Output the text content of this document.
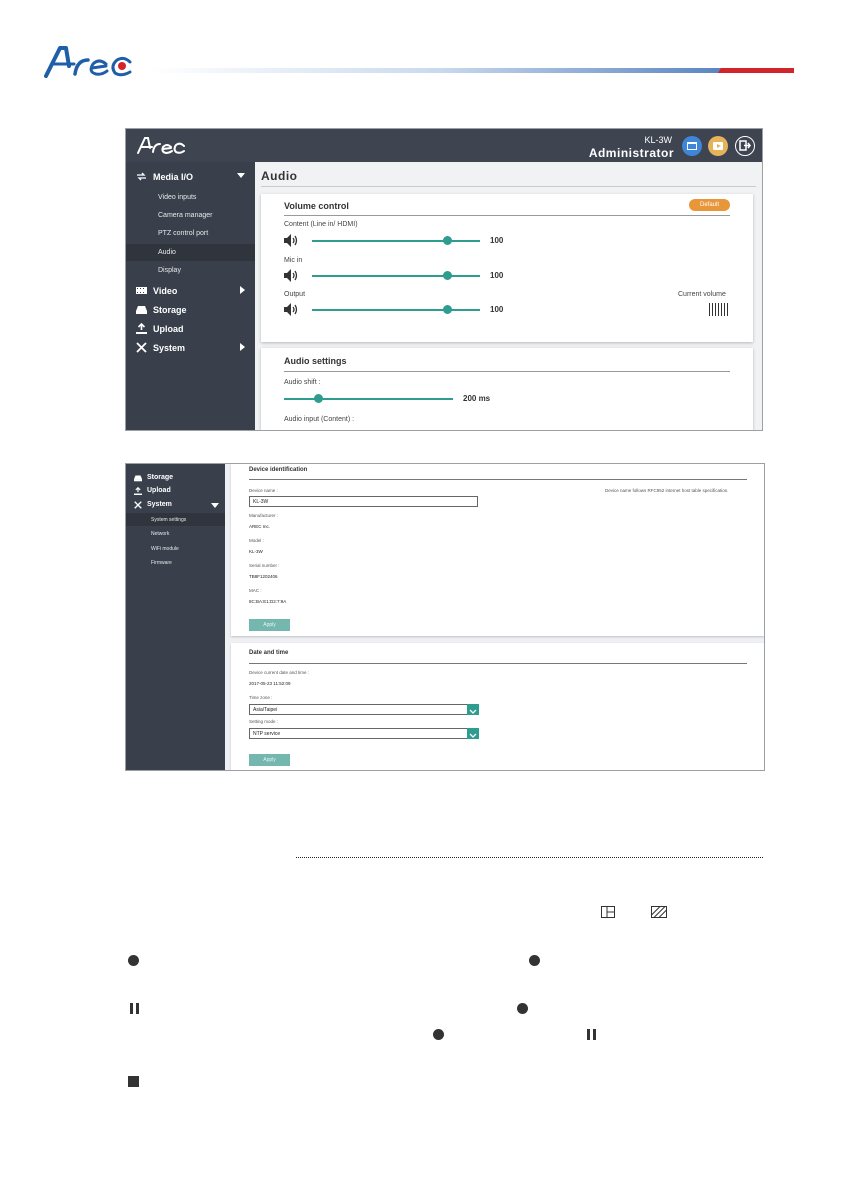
KL-3W
Administrator
Media I/O
Video inputs
Camera manager
PTZ control port
Audio
Display
Video
Storage
Upload
System
Audio
Volume control	Default
Content (Line in/ HDMI)
100
Mic in
100
Output	Current volume
100
Audio settings
Audio shift :
200 ms
Audio input (Content) :
Storage
Upload
System
System settings
Network
WiFi module
Firmware
Device identification
Device name :
KL-3W
Device name follows RFC952 internet host table specification.
Manufacturer :
AREC Inc.
Model :
KL-3W
Serial number :
TB8F1202406
MAC :
8C:BA:E1:D2:7:9A
Apply
Date and time
Device current date and time :
2017-05-23 11:52:09
Time zone :
Asia/Taipei
Setting mode :
NTP service
Apply
